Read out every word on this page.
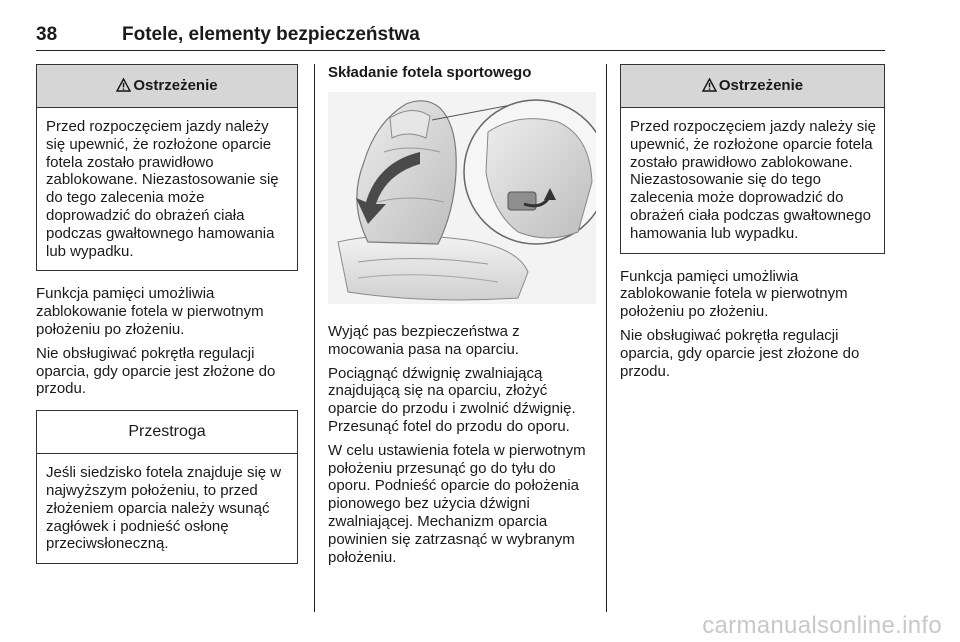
38	Fotele, elementy bezpieczeństwa
Ostrzeżenie
Przed rozpoczęciem jazdy należy się upewnić, że rozłożone oparcie fotela zostało prawidłowo zablokowane. Niezastosowanie się do tego zalecenia może doprowadzić do obrażeń ciała podczas gwałtownego hamowania lub wypadku.

Funkcja pamięci umożliwia zablokowanie fotela w pierwotnym położeniu po złożeniu.

Nie obsługiwać pokrętła regulacji oparcia, gdy oparcie jest złożone do przodu.

Przestroga
Jeśli siedzisko fotela znajduje się w najwyższym położeniu, to przed złożeniem oparcia należy wsunąć zagłówek i podnieść osłonę przeciwsłoneczną.
Składanie fotela sportowego

Wyjąć pas bezpieczeństwa z mocowania pasa na oparciu.

Pociągnąć dźwignię zwalniającą znajdującą się na oparciu, złożyć oparcie do przodu i zwolnić dźwignię. Przesunąć fotel do przodu do oporu.

W celu ustawienia fotela w pierwotnym położeniu przesunąć go do tyłu do oporu. Podnieść oparcie do położenia pionowego bez użycia dźwigni zwalniającej. Mechanizm oparcia powinien się zatrzasnąć w wybranym położeniu.

Ostrzeżenie
Przed rozpoczęciem jazdy należy się upewnić, że rozłożone oparcie fotela zostało prawidłowo zablokowane. Niezastosowanie się do tego zalecenia może doprowadzić do obrażeń ciała podczas gwałtownego hamowania lub wypadku.

Funkcja pamięci umożliwia zablokowanie fotela w pierwotnym położeniu po złożeniu.

Nie obsługiwać pokrętła regulacji oparcia, gdy oparcie jest złożone do przodu.

carmanualsonline.info
